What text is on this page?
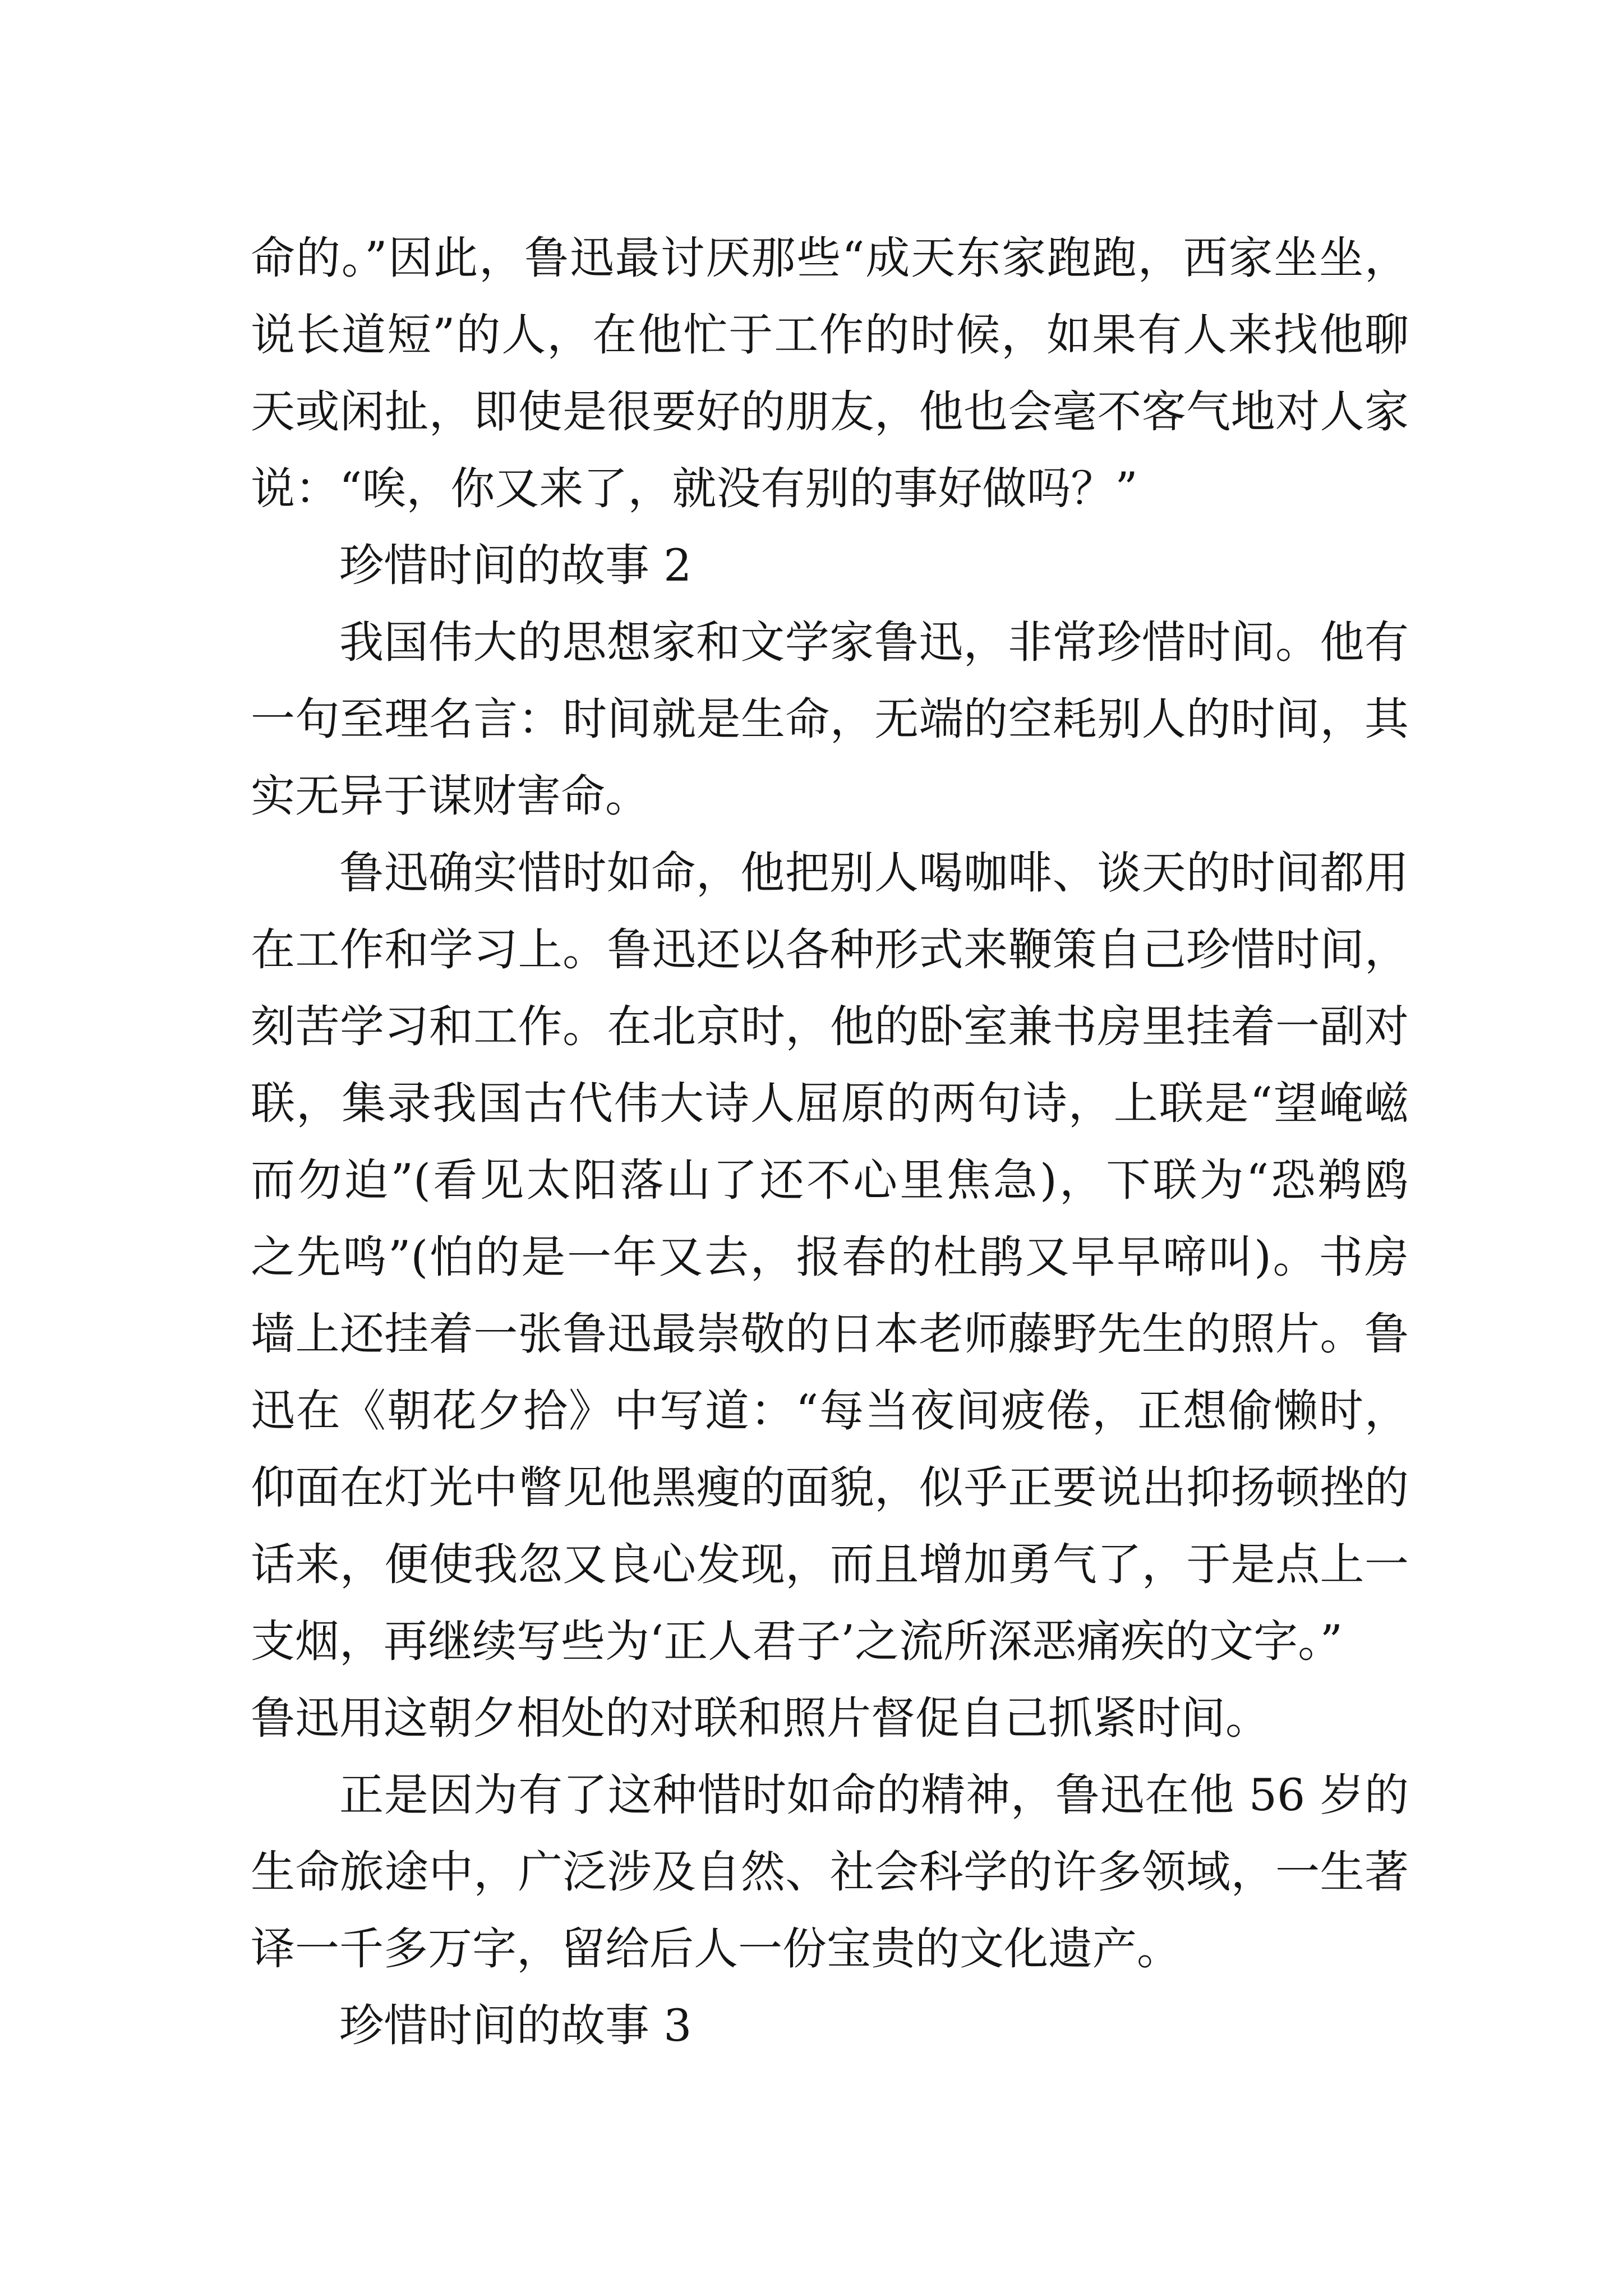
命的。”因此，鲁迅最讨厌那些“成天东家跑跑，西家坐坐，
说长道短”的人，在他忙于工作的时候，如果有人来找他聊
天或闲扯，即使是很要好的朋友，他也会毫不客气地对人家
说：“唉，你又来了，就没有别的事好做吗？”
珍惜时间的故事 2
我国伟大的思想家和文学家鲁迅，非常珍惜时间。他有
一句至理名言：时间就是生命，无端的空耗别人的时间，其
实无异于谋财害命。
鲁迅确实惜时如命，他把别人喝咖啡、谈天的时间都用
在工作和学习上。鲁迅还以各种形式来鞭策自己珍惜时间，
刻苦学习和工作。在北京时，他的卧室兼书房里挂着一副对
联，集录我国古代伟大诗人屈原的两句诗，上联是“望崦嵫
而勿迫”(看见太阳落山了还不心里焦急)，下联为“恐鹈鸥
之先鸣”(怕的是一年又去，报春的杜鹃又早早啼叫)。书房
墙上还挂着一张鲁迅最崇敬的日本老师藤野先生的照片。鲁
迅在《朝花夕拾》中写道：“每当夜间疲倦，正想偷懒时，
仰面在灯光中瞥见他黑瘦的面貌，似乎正要说出抑扬顿挫的
话来，便使我忽又良心发现，而且增加勇气了，于是点上一
支烟，再继续写些为‘正人君子’之流所深恶痛疾的文字。”
鲁迅用这朝夕相处的对联和照片督促自己抓紧时间。
正是因为有了这种惜时如命的精神，鲁迅在他 56 岁的
生命旅途中，广泛涉及自然、社会科学的许多领域，一生著
译一千多万字，留给后人一份宝贵的文化遗产。
珍惜时间的故事 3
